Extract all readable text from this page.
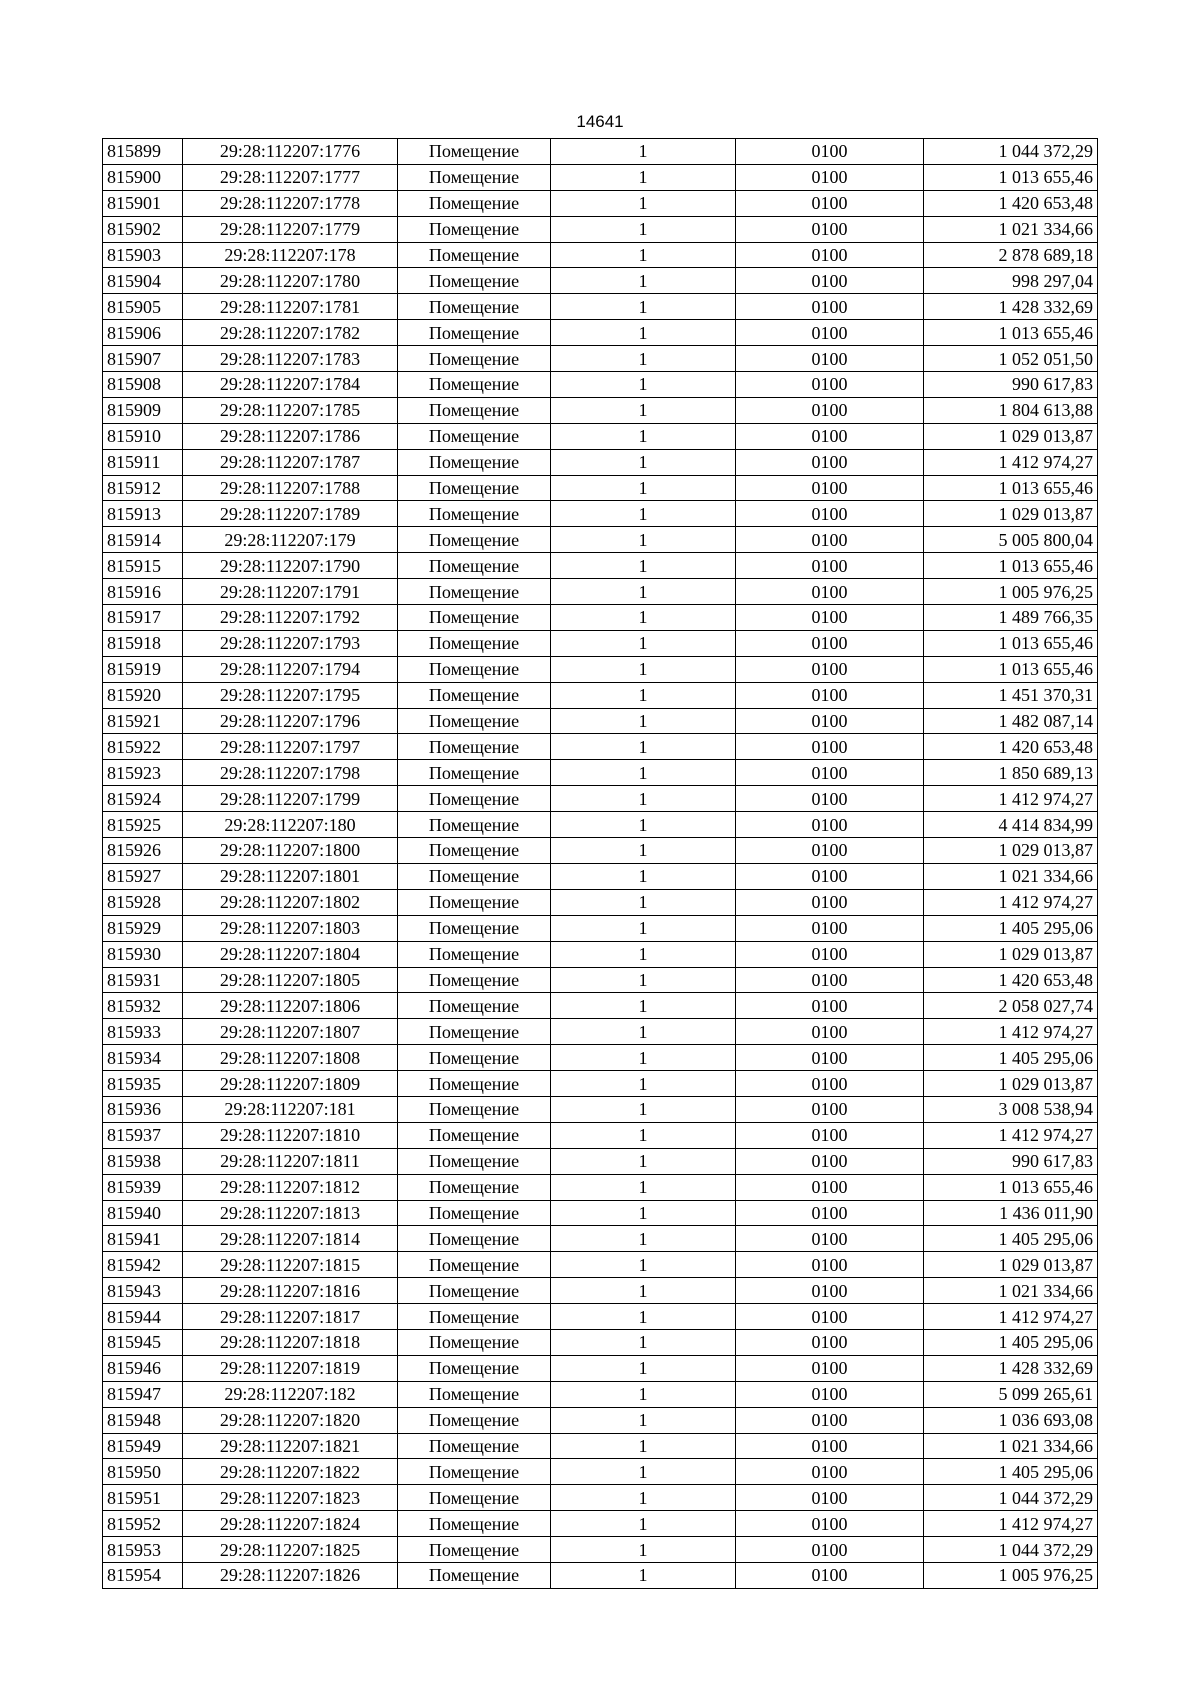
14641
815899	29:28:112207:1776	Помещение	1	0100	1 044 372,29
815900	29:28:112207:1777	Помещение	1	0100	1 013 655,46
815901	29:28:112207:1778	Помещение	1	0100	1 420 653,48
815902	29:28:112207:1779	Помещение	1	0100	1 021 334,66
815903	29:28:112207:178	Помещение	1	0100	2 878 689,18
815904	29:28:112207:1780	Помещение	1	0100	998 297,04
815905	29:28:112207:1781	Помещение	1	0100	1 428 332,69
815906	29:28:112207:1782	Помещение	1	0100	1 013 655,46
815907	29:28:112207:1783	Помещение	1	0100	1 052 051,50
815908	29:28:112207:1784	Помещение	1	0100	990 617,83
815909	29:28:112207:1785	Помещение	1	0100	1 804 613,88
815910	29:28:112207:1786	Помещение	1	0100	1 029 013,87
815911	29:28:112207:1787	Помещение	1	0100	1 412 974,27
815912	29:28:112207:1788	Помещение	1	0100	1 013 655,46
815913	29:28:112207:1789	Помещение	1	0100	1 029 013,87
815914	29:28:112207:179	Помещение	1	0100	5 005 800,04
815915	29:28:112207:1790	Помещение	1	0100	1 013 655,46
815916	29:28:112207:1791	Помещение	1	0100	1 005 976,25
815917	29:28:112207:1792	Помещение	1	0100	1 489 766,35
815918	29:28:112207:1793	Помещение	1	0100	1 013 655,46
815919	29:28:112207:1794	Помещение	1	0100	1 013 655,46
815920	29:28:112207:1795	Помещение	1	0100	1 451 370,31
815921	29:28:112207:1796	Помещение	1	0100	1 482 087,14
815922	29:28:112207:1797	Помещение	1	0100	1 420 653,48
815923	29:28:112207:1798	Помещение	1	0100	1 850 689,13
815924	29:28:112207:1799	Помещение	1	0100	1 412 974,27
815925	29:28:112207:180	Помещение	1	0100	4 414 834,99
815926	29:28:112207:1800	Помещение	1	0100	1 029 013,87
815927	29:28:112207:1801	Помещение	1	0100	1 021 334,66
815928	29:28:112207:1802	Помещение	1	0100	1 412 974,27
815929	29:28:112207:1803	Помещение	1	0100	1 405 295,06
815930	29:28:112207:1804	Помещение	1	0100	1 029 013,87
815931	29:28:112207:1805	Помещение	1	0100	1 420 653,48
815932	29:28:112207:1806	Помещение	1	0100	2 058 027,74
815933	29:28:112207:1807	Помещение	1	0100	1 412 974,27
815934	29:28:112207:1808	Помещение	1	0100	1 405 295,06
815935	29:28:112207:1809	Помещение	1	0100	1 029 013,87
815936	29:28:112207:181	Помещение	1	0100	3 008 538,94
815937	29:28:112207:1810	Помещение	1	0100	1 412 974,27
815938	29:28:112207:1811	Помещение	1	0100	990 617,83
815939	29:28:112207:1812	Помещение	1	0100	1 013 655,46
815940	29:28:112207:1813	Помещение	1	0100	1 436 011,90
815941	29:28:112207:1814	Помещение	1	0100	1 405 295,06
815942	29:28:112207:1815	Помещение	1	0100	1 029 013,87
815943	29:28:112207:1816	Помещение	1	0100	1 021 334,66
815944	29:28:112207:1817	Помещение	1	0100	1 412 974,27
815945	29:28:112207:1818	Помещение	1	0100	1 405 295,06
815946	29:28:112207:1819	Помещение	1	0100	1 428 332,69
815947	29:28:112207:182	Помещение	1	0100	5 099 265,61
815948	29:28:112207:1820	Помещение	1	0100	1 036 693,08
815949	29:28:112207:1821	Помещение	1	0100	1 021 334,66
815950	29:28:112207:1822	Помещение	1	0100	1 405 295,06
815951	29:28:112207:1823	Помещение	1	0100	1 044 372,29
815952	29:28:112207:1824	Помещение	1	0100	1 412 974,27
815953	29:28:112207:1825	Помещение	1	0100	1 044 372,29
815954	29:28:112207:1826	Помещение	1	0100	1 005 976,25
